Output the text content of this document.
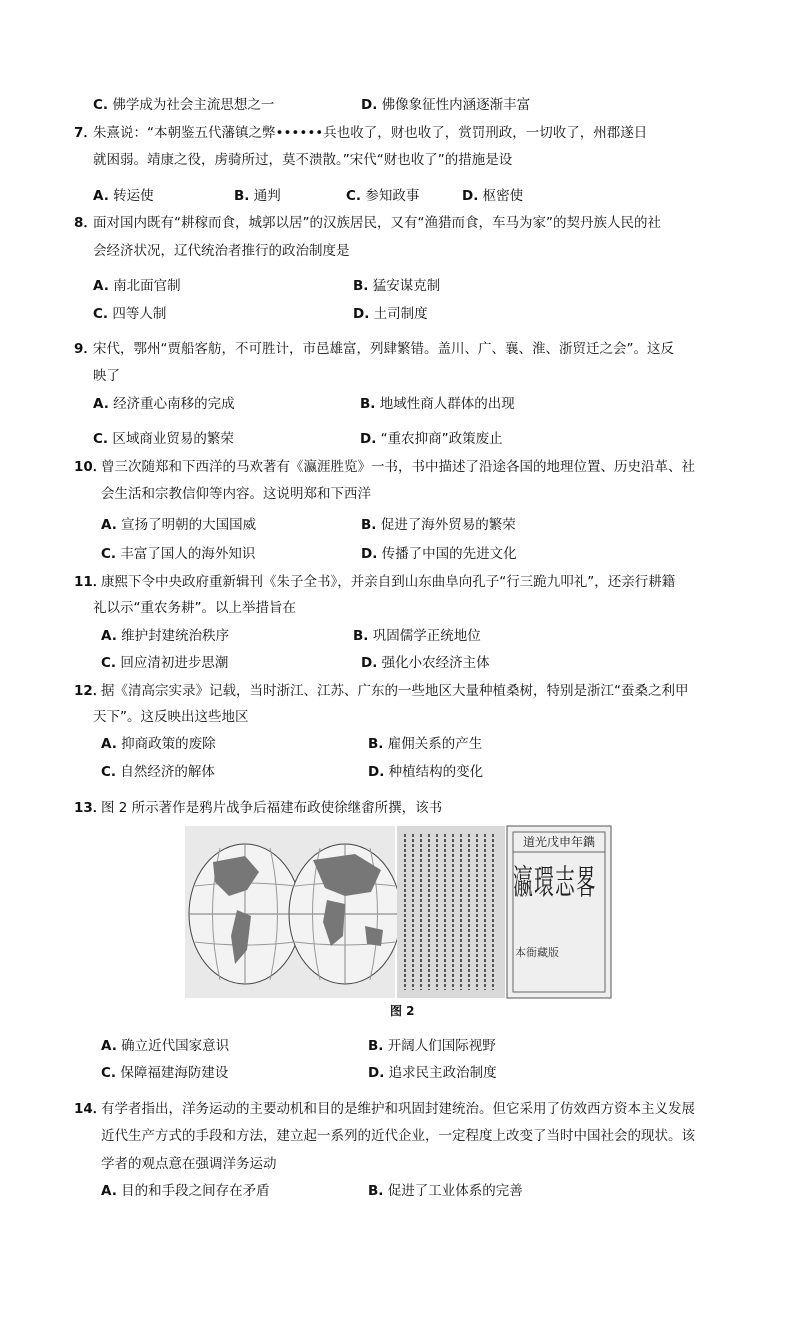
C. 佛学成为社会主流思想之一	D. 佛像象征性内涵逐渐丰富
7．
朱熹说：“本朝鉴五代藩镇之弊••••••兵也收了，财也收了，赏罚刑政，一切收了，州郡遂日
就困弱。靖康之役，虏骑所过，莫不溃散。”宋代“财也收了”的措施是设
A. 转运使	B. 通判	C. 参知政事	D. 枢密使
8．
面对国内既有“耕稼而食，城郭以居”的汉族居民，又有“渔猎而食，车马为家”的契丹族人民的社
会经济状况，辽代统治者推行的政治制度是
A. 南北面官制	B. 猛安谋克制
C. 四等人制	D. 土司制度
9．
宋代，鄂州“贾船客舫，不可胜计，市邑雄富，列肆繁错。盖川、广、襄、淮、浙贸迁之会”。这反
映了
A. 经济重心南移的完成	B. 地域性商人群体的出现
C. 区域商业贸易的繁荣	D. “重农抑商”政策废止
10．
曾三次随郑和下西洋的马欢著有《瀛涯胜览》一书，书中描述了沿途各国的地理位置、历史沿革、社
会生活和宗教信仰等内容。这说明郑和下西洋
A. 宣扬了明朝的大国国威	B. 促进了海外贸易的繁荣
C. 丰富了国人的海外知识	D. 传播了中国的先进文化
11．
康熙下令中央政府重新辑刊《朱子全书》，并亲自到山东曲阜向孔子“行三跪九叩礼”，还亲行耕籍
礼以示“重农务耕”。以上举措旨在
A. 维护封建统治秩序	B. 巩固儒学正统地位
C. 回应清初进步思潮	D. 强化小农经济主体
12．
据《清高宗实录》记载，当时浙江、江苏、广东的一些地区大量种植桑树，特别是浙江“蚕桑之利甲
天下”。这反映出这些地区
A. 抑商政策的废除	B. 雇佣关系的产生
C. 自然经济的解体	D. 种植结构的变化
13．
图 2 所示著作是鸦片战争后福建布政使徐继畬所撰，该书
道光戊申年鐫
瀛環志畧
本衙藏版
图 2
A. 确立近代国家意识	B. 开阔人们国际视野
C. 保障福建海防建设	D. 追求民主政治制度
14．
有学者指出，洋务运动的主要动机和目的是维护和巩固封建统治。但它采用了仿效西方资本主义发展
近代生产方式的手段和方法，建立起一系列的近代企业，一定程度上改变了当时中国社会的现状。该
学者的观点意在强调洋务运动
A. 目的和手段之间存在矛盾	B. 促进了工业体系的完善
